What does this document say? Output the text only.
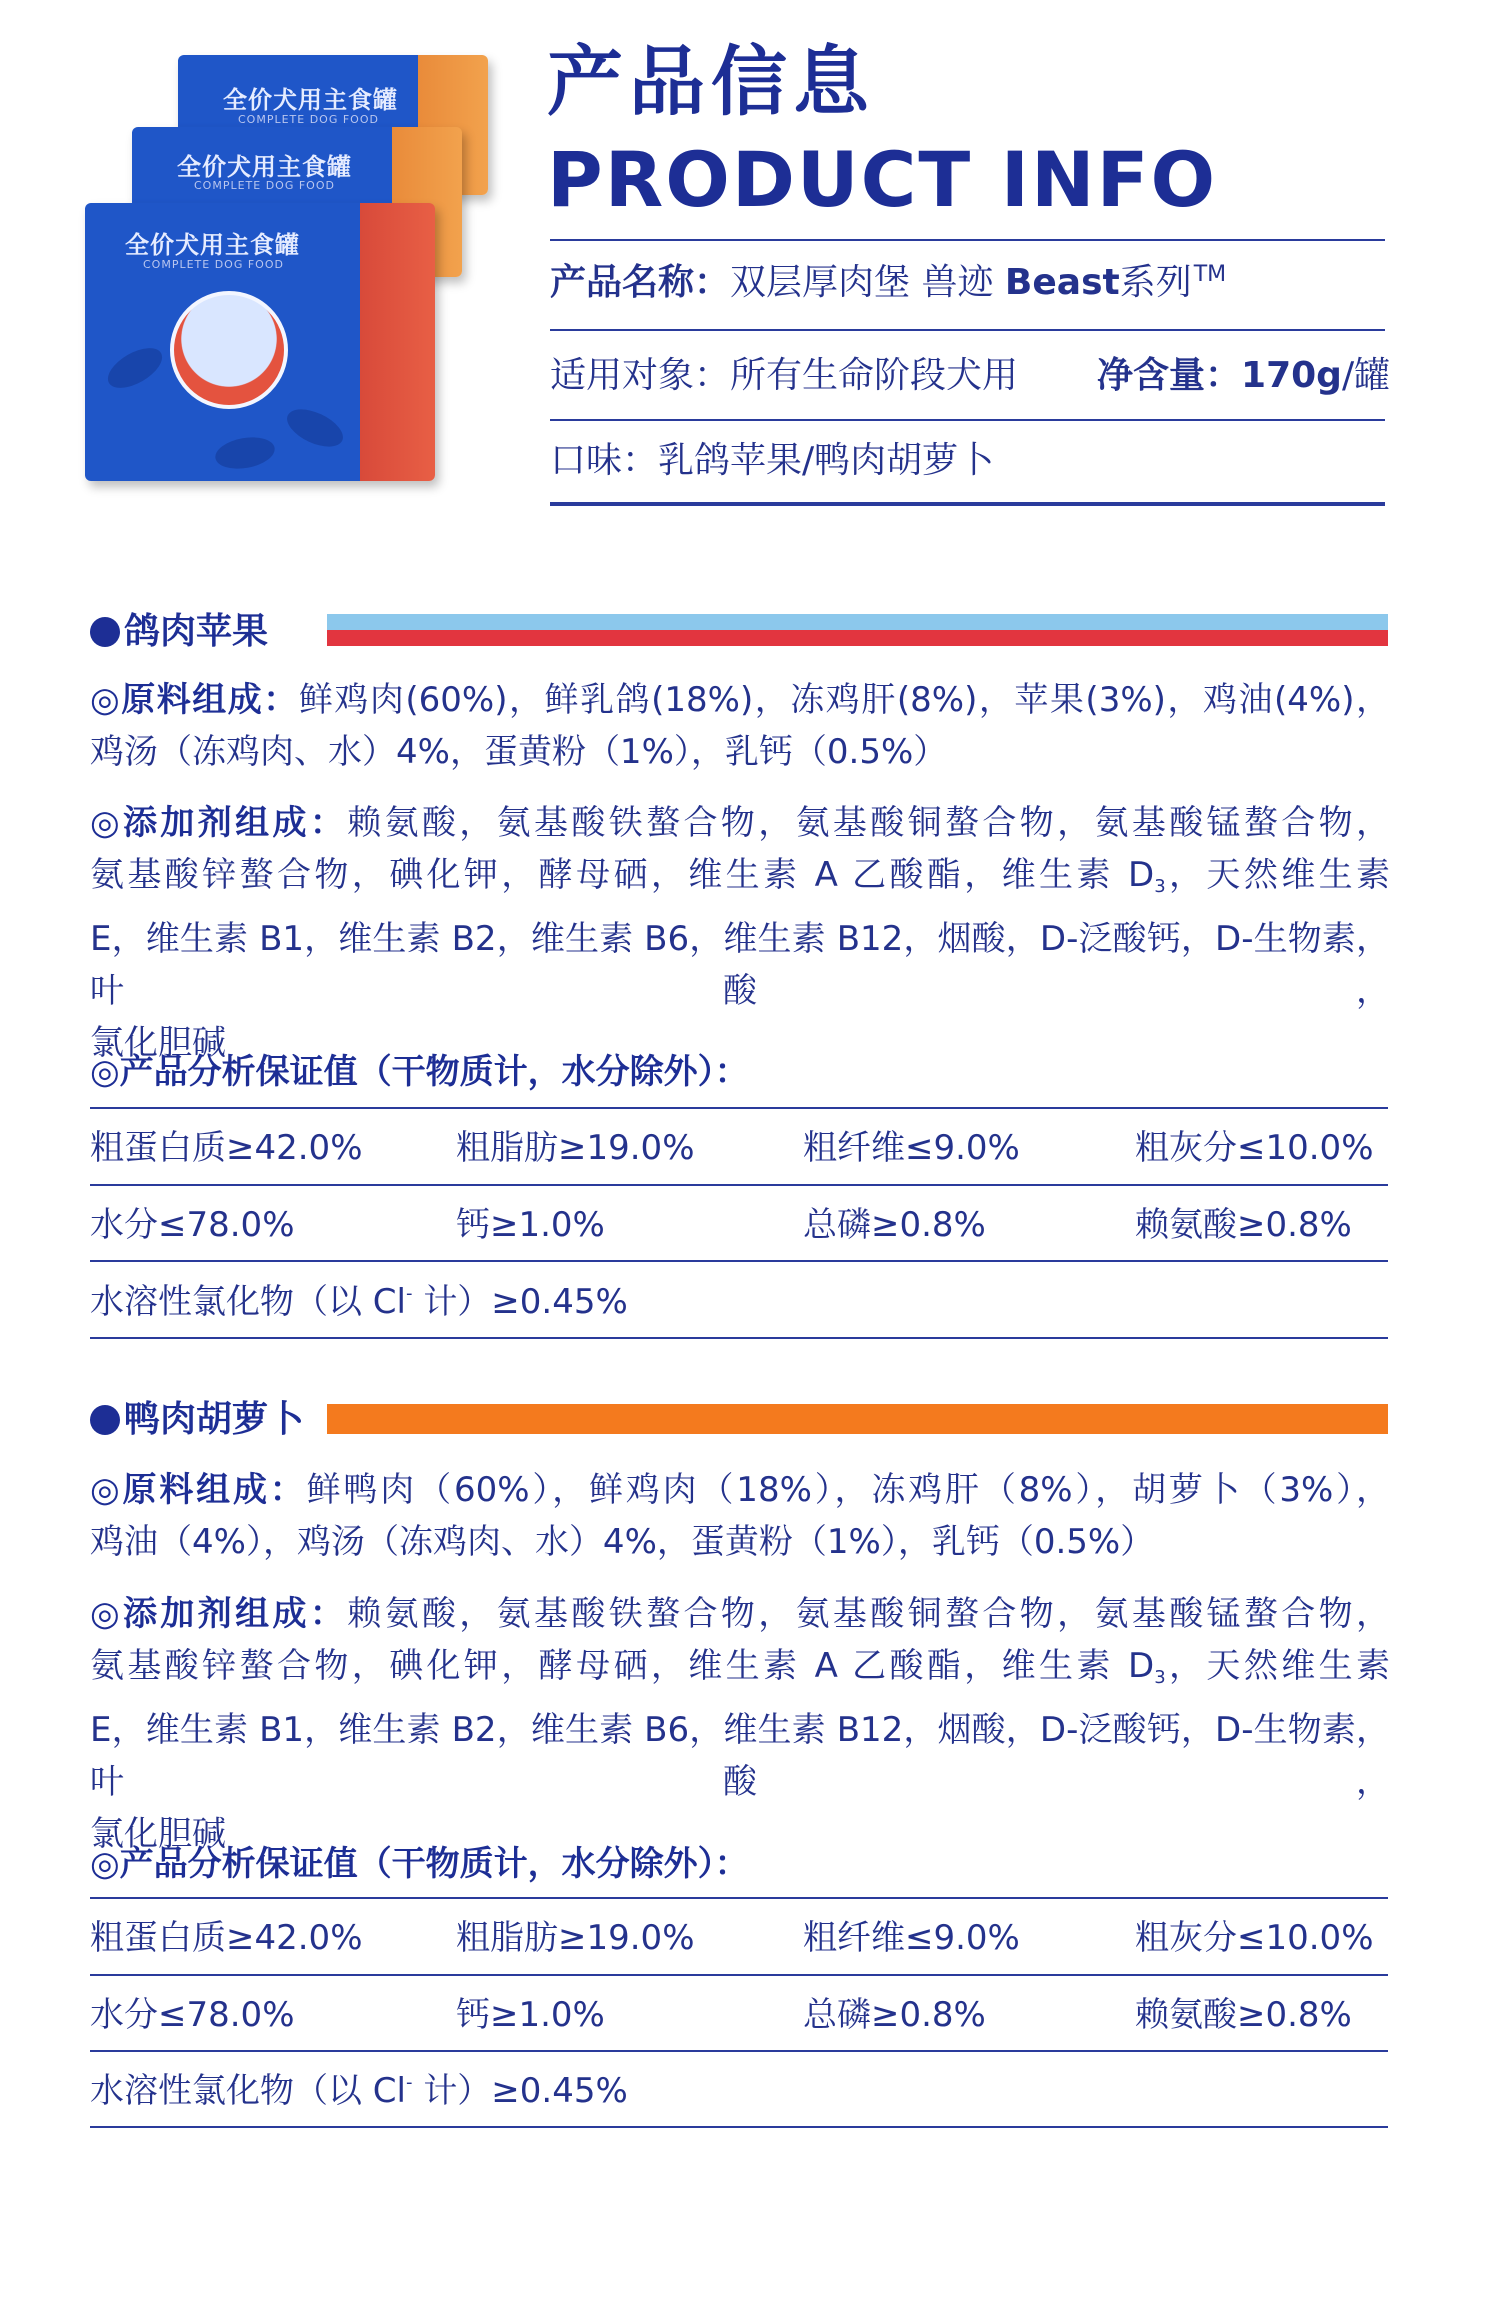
全价犬用主食罐
COMPLETE DOG FOOD
全价犬用主食罐
COMPLETE DOG FOOD
全价犬用主食罐
COMPLETE DOG FOOD
产品信息
PRODUCT INFO
产品名称：双层厚肉堡 兽迹 Beast系列™
适用对象：所有生命阶段犬用 净含量：170g/罐
口味：乳鸽苹果/鸭肉胡萝卜
鸽肉苹果
◎原料组成：鲜鸡肉(60%)，鲜乳鸽(18%)，冻鸡肝(8%)，苹果(3%)，鸡油(4%)，
鸡汤（冻鸡肉、水）4%，蛋黄粉（1%），乳钙（0.5%）
◎添加剂组成：赖氨酸，氨基酸铁螯合物，氨基酸铜螯合物，氨基酸锰螯合物，
氨基酸锌螯合物，碘化钾，酵母硒，维生素 A 乙酸酯，维生素 $D_3$，天然维生素
E，维生素 B1，维生素 B2，维生素 B6，维生素 B12，烟酸，D-泛酸钙，D-生物素，叶酸，
氯化胆碱
◎产品分析保证值（干物质计，水分除外）：
粗蛋白质≥42.0%	粗脂肪≥19.0%	粗纤维≤9.0%	粗灰分≤10.0%
水分≤78.0%	钙≥1.0%	总磷≥0.8%	赖氨酸≥0.8%
水溶性氯化物（以 Cl- 计）≥0.45%
鸭肉胡萝卜
◎原料组成：鲜鸭肉（60%），鲜鸡肉（18%），冻鸡肝（8%），胡萝卜（3%），
鸡油（4%），鸡汤（冻鸡肉、水）4%，蛋黄粉（1%），乳钙（0.5%）
◎添加剂组成：赖氨酸，氨基酸铁螯合物，氨基酸铜螯合物，氨基酸锰螯合物，
氨基酸锌螯合物，碘化钾，酵母硒，维生素 A 乙酸酯，维生素 $D_3$，天然维生素
E，维生素 B1，维生素 B2，维生素 B6，维生素 B12，烟酸，D-泛酸钙，D-生物素，叶酸，
氯化胆碱
◎产品分析保证值（干物质计，水分除外）：
粗蛋白质≥42.0%	粗脂肪≥19.0%	粗纤维≤9.0%	粗灰分≤10.0%
水分≤78.0%	钙≥1.0%	总磷≥0.8%	赖氨酸≥0.8%
水溶性氯化物（以 Cl- 计）≥0.45%
